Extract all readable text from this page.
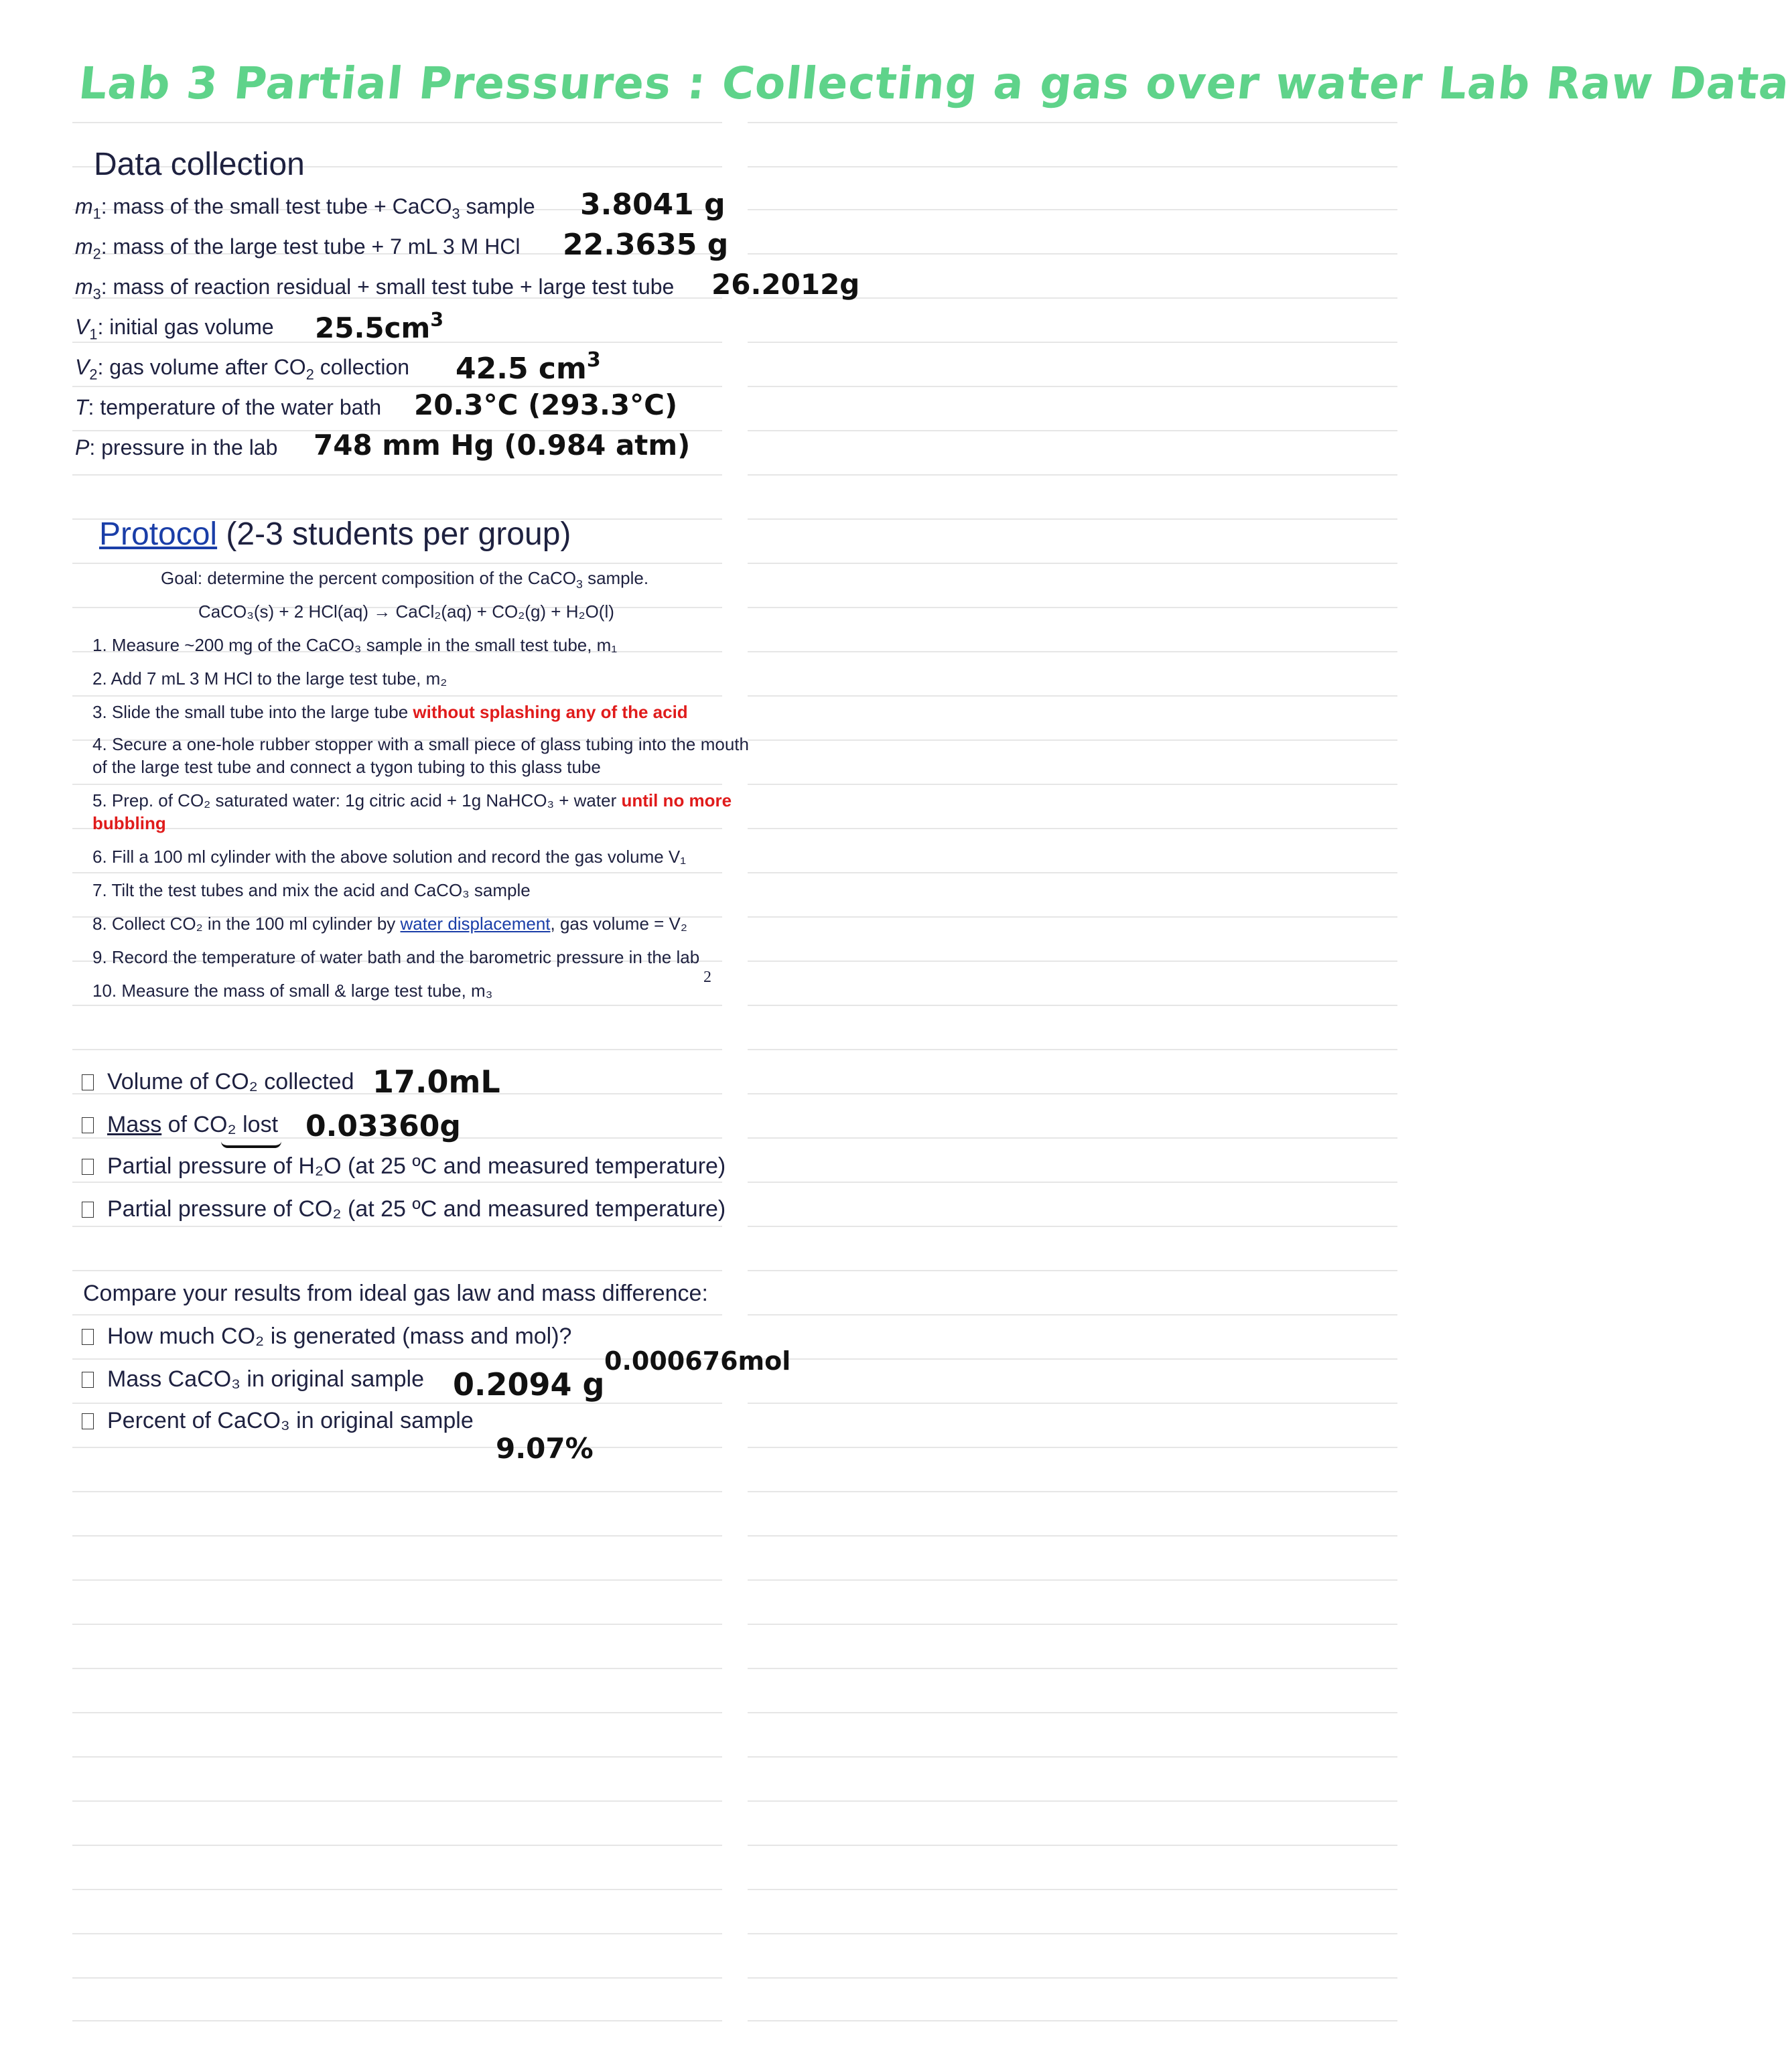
Lab 3 Partial Pressures : Collecting a gas over water Lab Raw Data
Data collection
$m_1$: mass of the small test tube + CaCO$_3$ sample 3.8041 g
$m_2$: mass of the large test tube + 7 mL 3 M HCl 22.3635 g
$m_3$: mass of reaction residual + small test tube + large test tube 26.2012g
$V_1$: initial gas volume $25.5cm^3$
$V_2$: gas volume after $CO_2$ collection 42.5 $cm^3$
T: temperature of the water bath 20.3°C (293.3°C)
P: pressure in the lab 748 mm Hg (0.984 atm)
Protocol (2-3 students per group)
Goal: determine the percent composition of the CaCO$_3$ sample.
CaCO₃(s) + 2 HCl(aq) → CaCl₂(aq) + CO₂(g) + H₂O(l)
1. Measure ~200 mg of the CaCO₃ sample in the small test tube, m₁
2. Add 7 mL 3 M HCl to the large test tube, m₂
3. Slide the small tube into the large tube without splashing any of the acid
4. Secure a one-hole rubber stopper with a small piece of glass tubing into the mouth of the large test tube and connect a tygon tubing to this glass tube
5. Prep. of CO₂ saturated water: 1g citric acid + 1g NaHCO₃ + water until no more bubbling
6. Fill a 100 ml cylinder with the above solution and record the gas volume V₁
7. Tilt the test tubes and mix the acid and CaCO₃ sample
8. Collect CO₂ in the 100 ml cylinder by water displacement, gas volume = V₂
9. Record the temperature of water bath and the barometric pressure in the lab
2
10. Measure the mass of small & large test tube, m₃
Volume of CO₂ collected 17.0mL
Mass of CO₂ lost 0.03360g
Partial pressure of H₂O (at 25 ºC and measured temperature)
Partial pressure of CO₂ (at 25 ºC and measured temperature)
Compare your results from ideal gas law and mass difference:
How much CO₂ is generated (mass and mol)?
0.000676mol
Mass CaCO₃ in original sample 0.2094 g
Percent of CaCO₃ in original sample
9.07%
